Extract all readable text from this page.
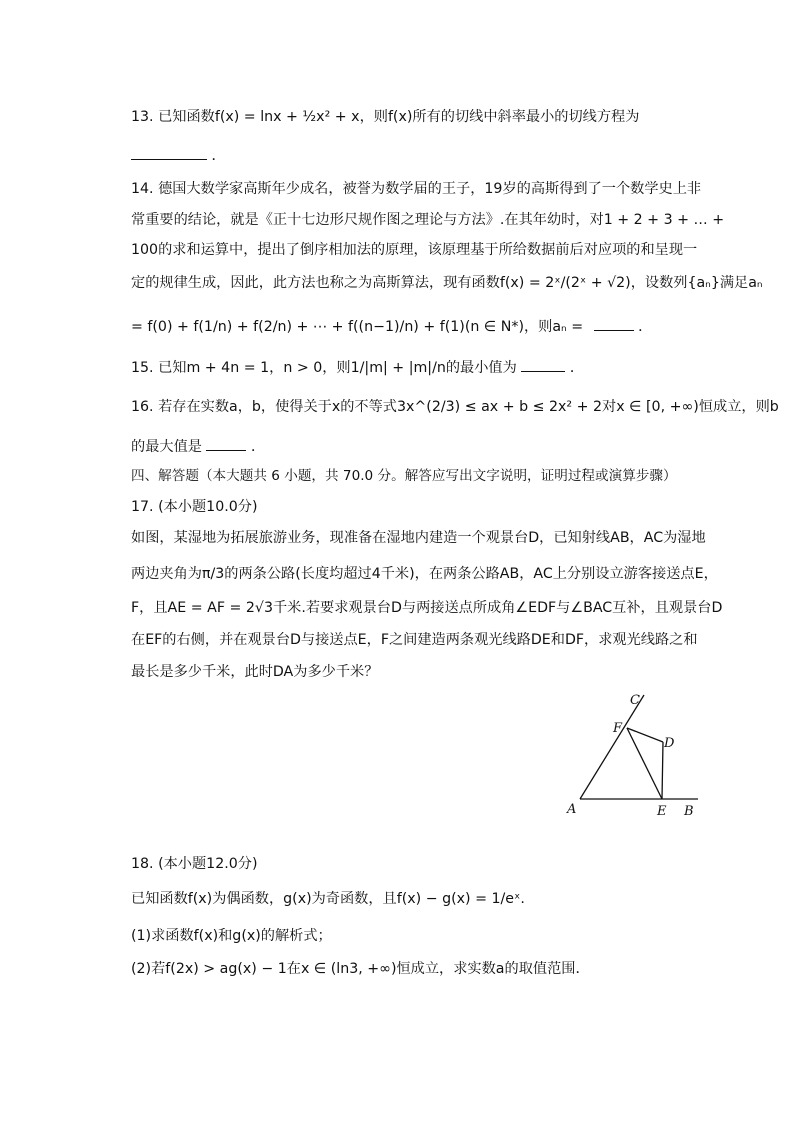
13. 已知函数f(x) = lnx + ½x² + x，则f(x)所有的切线中斜率最小的切线方程为
．
14. 德国大数学家高斯年少成名，被誉为数学届的王子，19岁的高斯得到了一个数学史上非
常重要的结论，就是《正十七边形尺规作图之理论与方法》.在其年幼时，对1 + 2 + 3 + … +
100的求和运算中，提出了倒序相加法的原理，该原理基于所给数据前后对应项的和呈现一
定的规律生成，因此，此方法也称之为高斯算法，现有函数f(x) = 2ˣ/(2ˣ + √2)，设数列{aₙ}满足aₙ
= f(0) + f(1/n) + f(2/n) + ⋯ + f((n−1)/n) + f(1)(n ∈ N*)，则aₙ =	．
15. 已知m + 4n = 1，n > 0，则1/|m| + |m|/n的最小值为	．
16. 若存在实数a，b，使得关于x的不等式3x^(2/3) ≤ ax + b ≤ 2x² + 2对x ∈ [0, +∞)恒成立，则b
的最大值是	．
四、解答题（本大题共 6 小题，共 70.0 分。解答应写出文字说明，证明过程或演算步骤）
17. (本小题10.0分)
如图，某湿地为拓展旅游业务，现准备在湿地内建造一个观景台D，已知射线AB，AC为湿地
两边夹角为π/3的两条公路(长度均超过4千米)，在两条公路AB，AC上分别设立游客接送点E，
F，且AE = AF = 2√3千米.若要求观景台D与两接送点所成角∠EDF与∠BAC互补，且观景台D
在EF的右侧，并在观景台D与接送点E，F之间建造两条观光线路DE和DF，求观光线路之和
最长是多少千米，此时DA为多少千米？
C
F
D
A	E B
18. (本小题12.0分)
已知函数f(x)为偶函数，g(x)为奇函数，且f(x) − g(x) = 1/eˣ.
(1)求函数f(x)和g(x)的解析式；
(2)若f(2x) > ag(x) − 1在x ∈ (ln3, +∞)恒成立，求实数a的取值范围．
